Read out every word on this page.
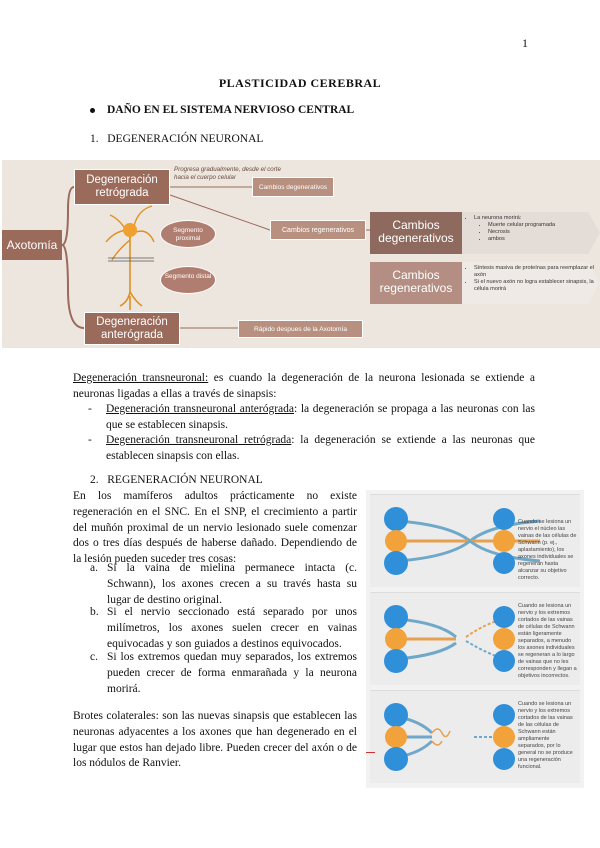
1
PLASTICIDAD CEREBRAL
DAÑO EN EL SISTEMA NERVIOSO CENTRAL
1. DEGENERACIÓN NEURONAL
Axotomía
Degeneración retrógrada
Progresa gradualmente, desde el corte hacia el cuerpo celular
Cambios degenerativos
Cambios regenerativos
Segmento proximal
Segmento distal
Degeneración anterógrada	Rápido despues de la Axotomía
Cambios degenerativos
Cambios regenerativos
• La neurona morirá:
• Muerte celular programada
• Necrosis
• ambos
• Síntesis masiva de proteínas para reemplazar el axón
• Si el nuevo axón no logra establecer sinapsis, la célula morirá
Degeneración transneuronal: es cuando la degeneración de la neurona lesionada se extiende a neuronas ligadas a ellas a través de sinapsis:
- Degeneración transneuronal anterógrada: la degeneración se propaga a las neuronas con las que se establecen sinapsis.
- Degeneración transneuronal retrógrada: la degeneración se extiende a las neuronas que establecen sinapsis con ellas.
2. REGENERACIÓN NEURONAL
En los mamíferos adultos prácticamente no existe regeneración en el SNC. En el SNP, el crecimiento a partir del muñón proximal de un nervio lesionado suele comenzar dos o tres días después de haberse dañado. Dependiendo de la lesión pueden suceder tres cosas:
a. Si la vaina de mielina permanece intacta (c. Schwann), los axones crecen a su través hasta su lugar de destino original.
b. Si el nervio seccionado está separado por unos milímetros, los axones suelen crecer en vainas equivocadas y son guiados a destinos equivocados.
c. Si los extremos quedan muy separados, los extremos pueden crecer de forma enmarañada y la neurona morirá.
Brotes colaterales: son las nuevas sinapsis que establecen las neuronas adyacentes a los axones que han degenerado en el lugar que estos han dejado libre. Pueden crecer del axón o de los nódulos de Ranvier.
Cuando se lesiona un nervio el núcleo las vainas de las células de Schwann (p. ej., aplastamiento), los axones individuales se regeneran hasta alcanzar su objetivo correcto.
Cuando se lesiona un nervio y los extremos cortados de las vainas de células de Schwann están ligeramente separados, a menudo los axones individuales se regeneran a lo largo de vainas que no les corresponden y llegan a objetivos incorrectos.
Cuando se lesiona un nervio y los extremos cortados de las vainas de las células de Schwann están ampliamente separados, por lo general no se produce una regeneración funcional.
